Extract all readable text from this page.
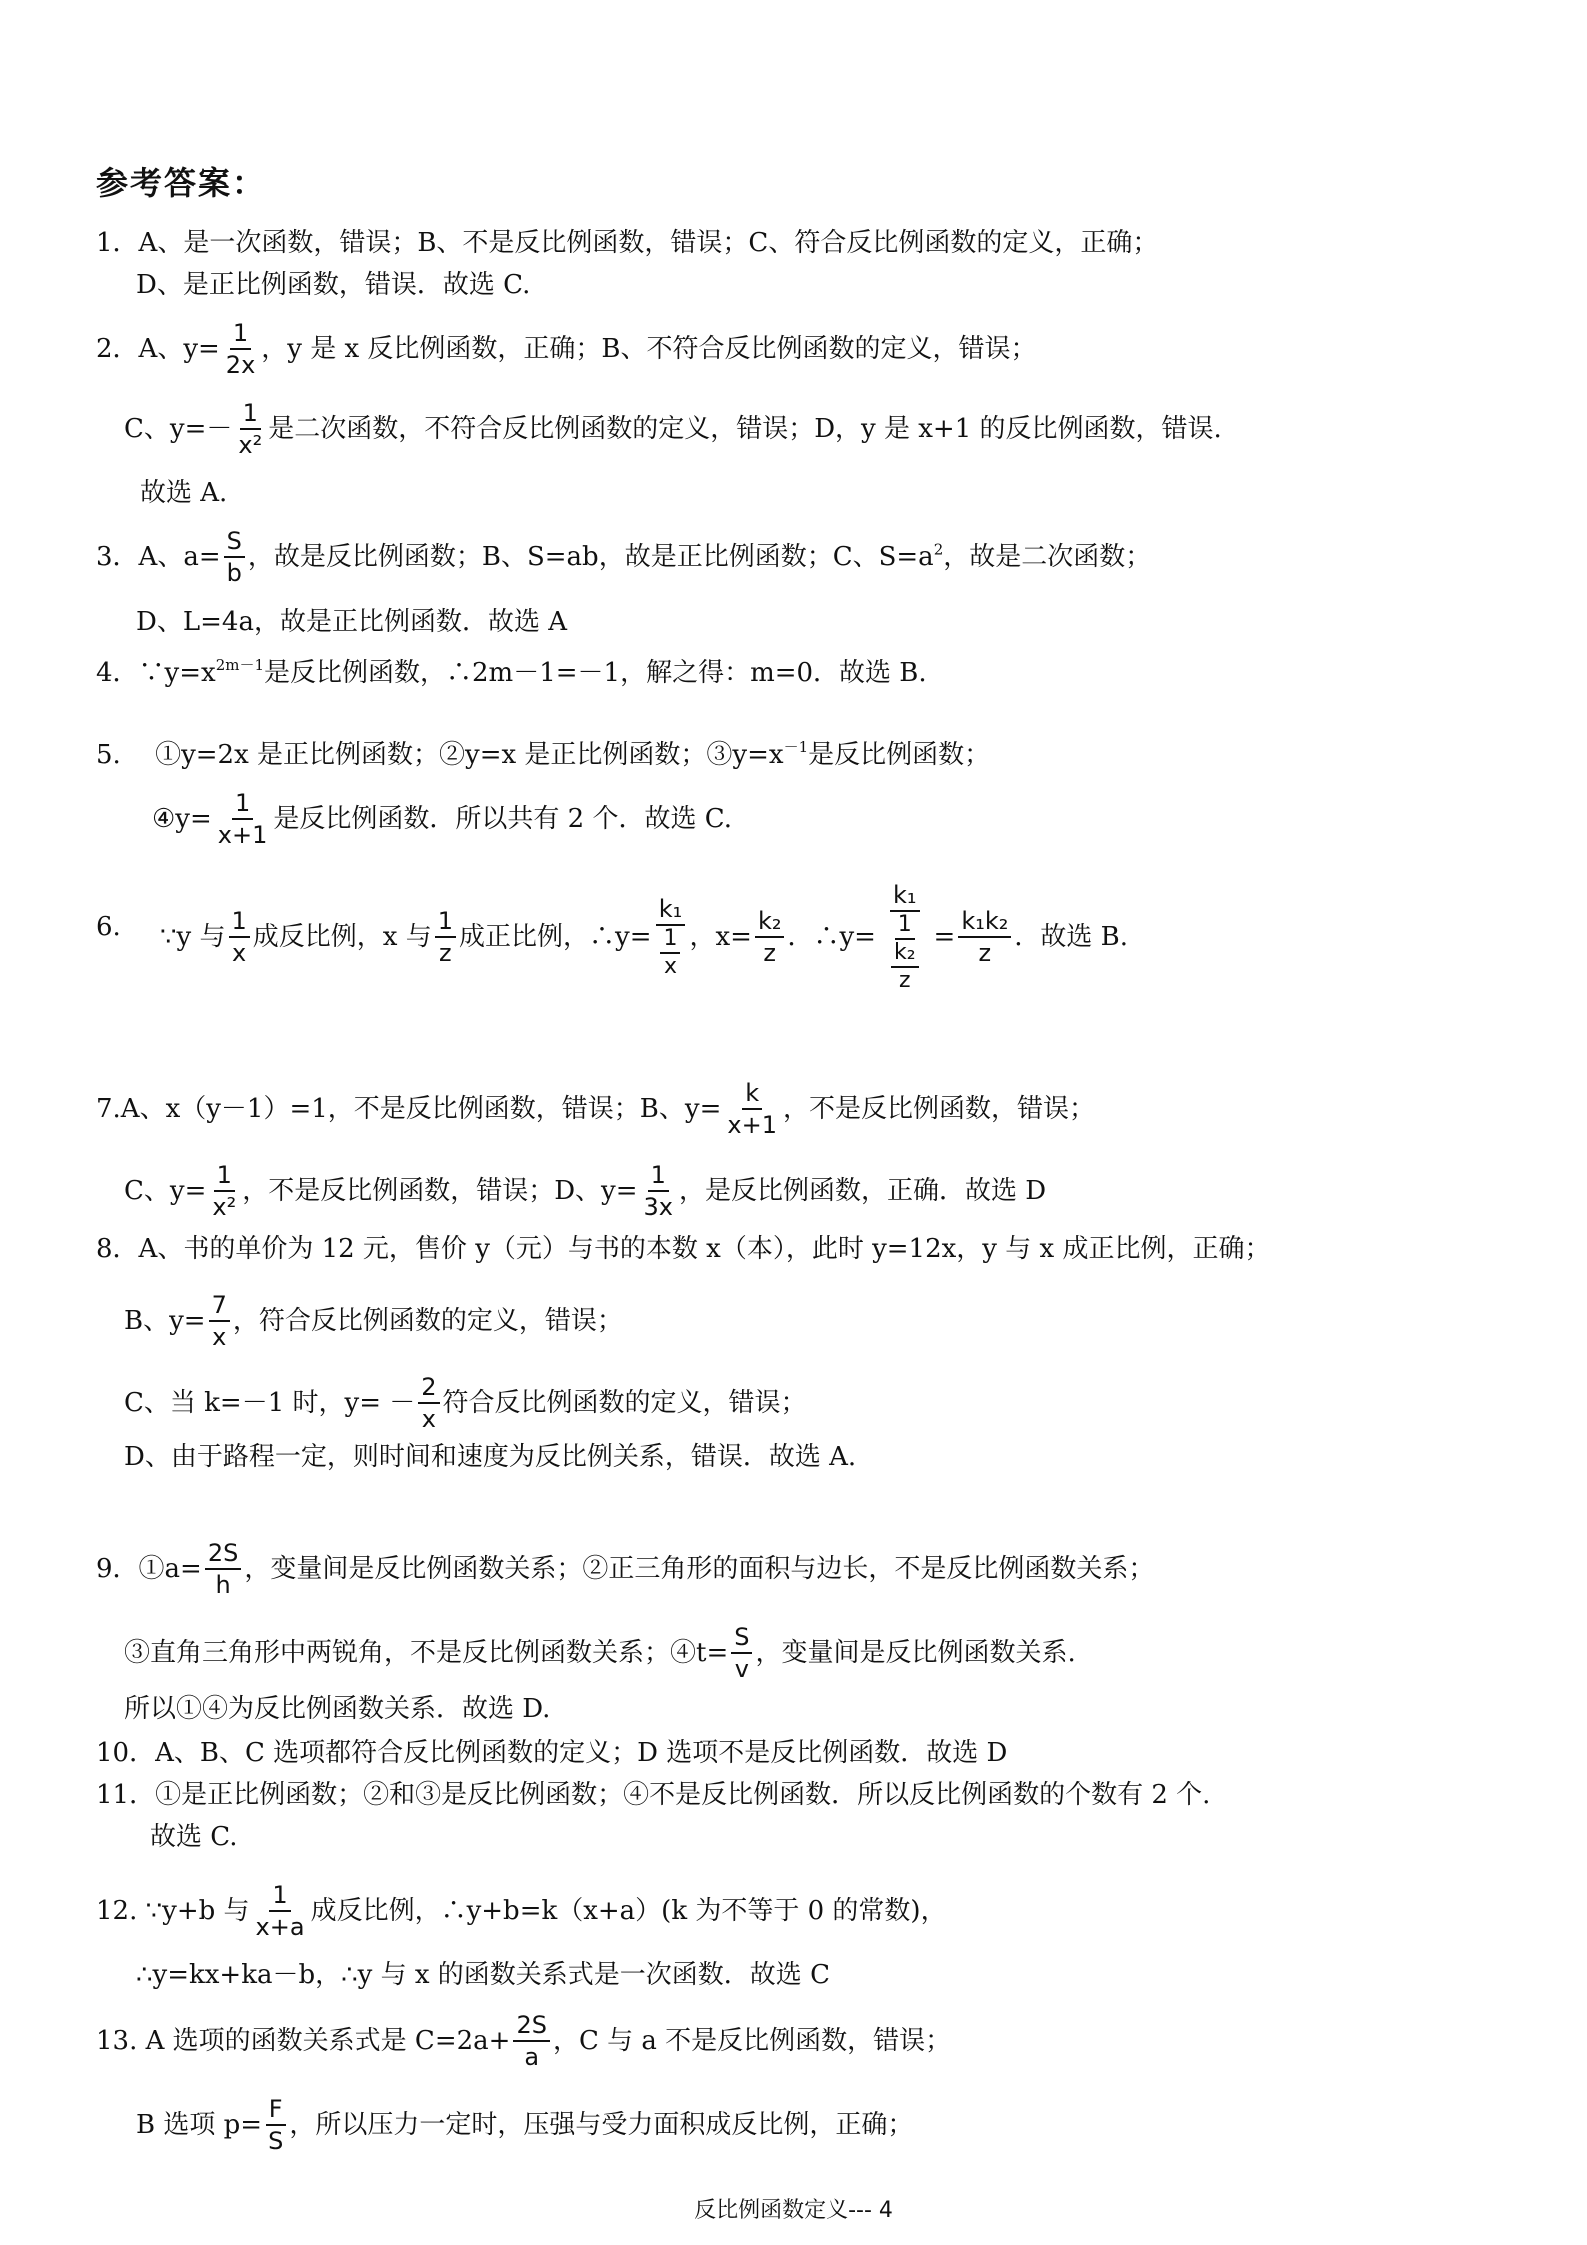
参考答案：
1．A、是一次函数，错误；B、不是反比例函数，错误；C、符合反比例函数的定义，正确；
D、是正比例函数，错误．故选 C.
2．A、$y= \frac{1}{2x}$ ，y 是 x 反比例函数，正确；B、不符合反比例函数的定义，错误；
C、$y=- \frac{1}{\text{x²}}$ 是二次函数，不符合反比例函数的定义，错误；D，y 是 x+1 的反比例函数，错误.
故选 A.
3．A、$a= \frac{S}{b}$ ，故是反比例函数；B、S=ab，故是正比例函数；C、$S=a^2$，故是二次函数；
D、L=4a，故是正比例函数．故选 A
4．$\because y=x^{2m-1}$是反比例函数，∴2m－1=－1，解之得：m=0．故选 B.
5.　 ①y=2x 是正比例函数；②y=x 是正比例函数；$③y=x^{-1}$是反比例函数；
④y= $\frac{1}{x+1}$ 是反比例函数．所以共有 2 个．故选 C.
6. ∵y 与 $\frac{1}{x}$ 成反比例，x 与 $\frac{1}{z}$ 成正比例，∴y= $\frac{\text{k₁}}{\frac{1}{x}}$ ，$x= \frac{\text{k₂}}{z}$ ．∴y= $\frac{\text{k₁}}{\frac{1}{\frac{\text{k₂}}{z}}} = \frac{\text{k₁k₂}}{z}$ ．故选 B.
7.A、x（y－1）=1，不是反比例函数，错误；B、$y= \frac{k}{x+1}$ ，不是反比例函数，错误；
C、$y= \frac{1}{\text{x²}}$ ，不是反比例函数，错误；D、$y= \frac{1}{3x}$ ，是反比例函数，正确．故选 D
8．A、书的单价为 12 元，售价 y（元）与书的本数 x（本），此时 y=12x，y 与 x 成正比例，正确；
B、$y= \frac{7}{x}$ ，符合反比例函数的定义，错误；
C、当 k=－1 时，$y= - \frac{2}{x}$ 符合反比例函数的定义，错误；
D、由于路程一定，则时间和速度为反比例关系，错误．故选 A.
9．①a= $\frac{2S}{h}$ ，变量间是反比例函数关系；②正三角形的面积与边长，不是反比例函数关系；
③直角三角形中两锐角，不是反比例函数关系；④t= $\frac{S}{v}$ ，变量间是反比例函数关系.
所以①④为反比例函数关系．故选 D.
10．A、B、C 选项都符合反比例函数的定义；D 选项不是反比例函数．故选 D
11．①是正比例函数；②和③是反比例函数；④不是反比例函数．所以反比例函数的个数有 2 个.
故选 C.
12. ∵y+b 与 $\frac{1}{x+a}$ 成反比例，∴y+b=k（x+a）(k 为不等于 0 的常数)，
∴y=kx+ka－b，∴y 与 x 的函数关系式是一次函数．故选 C
13. A 选项的函数关系式是 $C=2a+ \frac{2S}{a}$ ，C 与 a 不是反比例函数，错误；
B 选项 $p= \frac{F}{S}$ ，所以压力一定时，压强与受力面积成反比例，正确；
反比例函数定义--- 4
